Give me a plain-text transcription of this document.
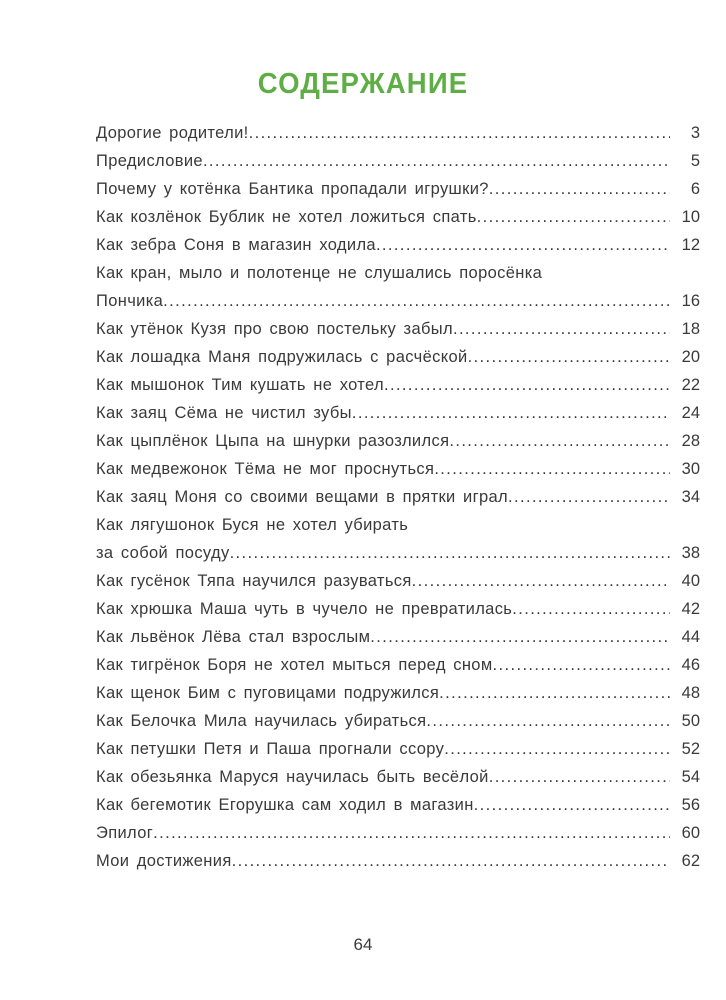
СОДЕРЖАНИЕ
Дорогие родители! .....	3
Предисловие .....	5
Почему у котёнка Бантика пропадали игрушки? .....	6
Как козлёнок Бублик не хотел ложиться спать .....	10
Как зебра Соня в магазин ходила .....	12
Как кран, мыло и полотенце не слушались поросёнка
Пончика .....	16
Как утёнок Кузя про свою постельку забыл .....	18
Как лошадка Маня подружилась с расчёской .....	20
Как мышонок Тим кушать не хотел .....	22
Как заяц Сёма не чистил зубы .....	24
Как цыплёнок Цыпа на шнурки разозлился .....	28
Как медвежонок Тёма не мог проснуться .....	30
Как заяц Моня со своими вещами в прятки играл .....	34
Как лягушонок Буся не хотел убирать
за собой посуду .....	38
Как гусёнок Тяпа научился разуваться .....	40
Как хрюшка Маша чуть в чучело не превратилась .....	42
Как львёнок Лёва стал взрослым .....	44
Как тигрёнок Боря не хотел мыться перед сном .....	46
Как щенок Бим с пуговицами подружился .....	48
Как Белочка Мила научилась убираться .....	50
Как петушки Петя и Паша прогнали ссору .....	52
Как обезьянка Маруся научилась быть весёлой .....	54
Как бегемотик Егорушка сам ходил в магазин .....	56
Эпилог .....	60
Мои достижения .....	62
64
